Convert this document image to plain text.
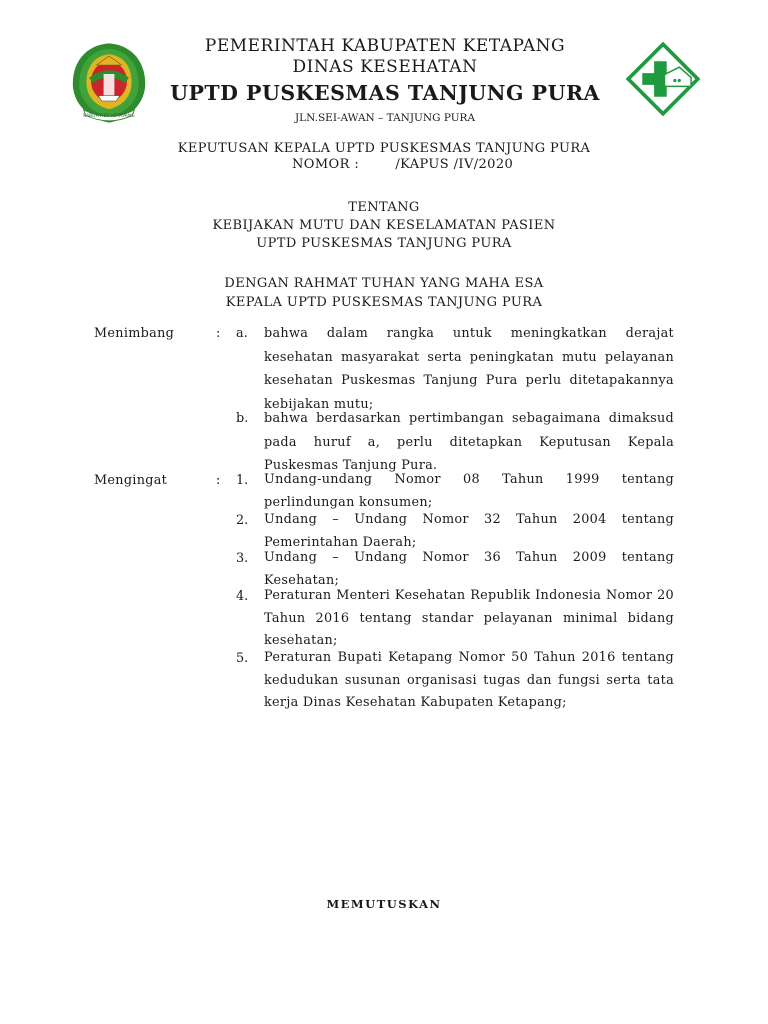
KABUPATEN KETAPANG
PEMERINTAH KABUPATEN KETAPANG
DINAS KESEHATAN
UPTD PUSKESMAS TANJUNG PURA
JLN.SEI-AWAN – TANJUNG PURA
KEPUTUSAN KEPALA UPTD PUSKESMAS TANJUNG PURA
NOMOR :        /KAPUS /IV/2020
TENTANG
KEBIJAKAN MUTU DAN KESELAMATAN PASIEN
UPTD PUSKESMAS TANJUNG PURA
DENGAN RAHMAT TUHAN YANG MAHA ESA
KEPALA UPTD PUSKESMAS TANJUNG PURA
Menimbang	: a. bahwa dalam rangka untuk meningkatkan derajat kesehatan masyarakat serta peningkatan mutu pelayanan kesehatan Puskesmas Tanjung Pura perlu ditetapakannya kebijakan mutu;
b. bahwa berdasarkan pertimbangan sebagaimana dimaksud pada huruf a, perlu ditetapkan Keputusan Kepala Puskesmas Tanjung Pura.
Mengingat	: 1. Undang-undang Nomor 08 Tahun 1999 tentang perlindungan konsumen;
2. Undang – Undang Nomor 32 Tahun 2004 tentang Pemerintahan Daerah;
3. Undang – Undang Nomor 36 Tahun 2009 tentang Kesehatan;
4. Peraturan Menteri Kesehatan Republik Indonesia Nomor 20 Tahun 2016 tentang standar pelayanan minimal bidang kesehatan;
5. Peraturan Bupati Ketapang Nomor 50 Tahun 2016 tentang kedudukan susunan organisasi tugas dan fungsi serta tata kerja Dinas Kesehatan Kabupaten Ketapang;
MEMUTUSKAN
